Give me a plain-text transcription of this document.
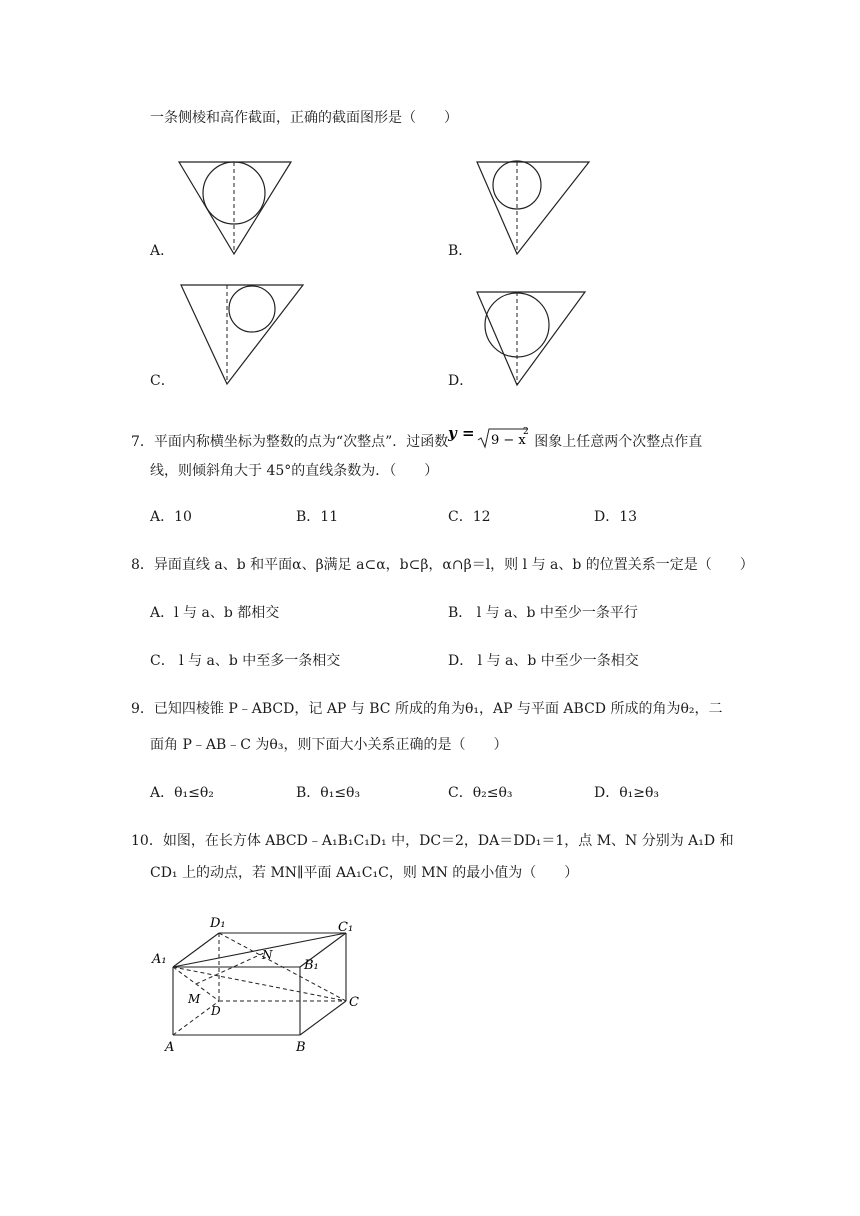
一条侧棱和高作截面，正确的截面图形是（　　）
A．	B．
C．	D．
7．平面内称横坐标为整数的点为“次整点”．过函数 y = 9 − x
2
图象上任意两个次整点作直
线，则倾斜角大于 45°的直线条数为．（　　）
A．10	B．11	C．12	D．13
8．异面直线 a、b 和平面α、β满足 a⊂α，b⊂β，α∩β＝l，则 l 与 a、b 的位置关系一定是（　　）
A．l 与 a、b 都相交	B． l 与 a、b 中至少一条平行
C． l 与 a、b 中至多一条相交	D． l 与 a、b 中至少一条相交
9．已知四棱锥 P﹣ABCD，记 AP 与 BC 所成的角为θ₁，AP 与平面 ABCD 所成的角为θ₂，二
面角 P﹣AB﹣C 为θ₃，则下面大小关系正确的是（　　）
A．θ₁≤θ₂	B．θ₁≤θ₃	C．θ₂≤θ₃	D．θ₁≥θ₃
10．如图，在长方体 ABCD﹣A₁B₁C₁D₁ 中，DC＝2，DA＝DD₁＝1，点 M、N 分别为 A₁D 和
CD₁ 上的动点，若 MN∥平面 AA₁C₁C，则 MN 的最小值为（　　）
D₁	C₁
A₁	B₁
N
M
D
C
A	B
